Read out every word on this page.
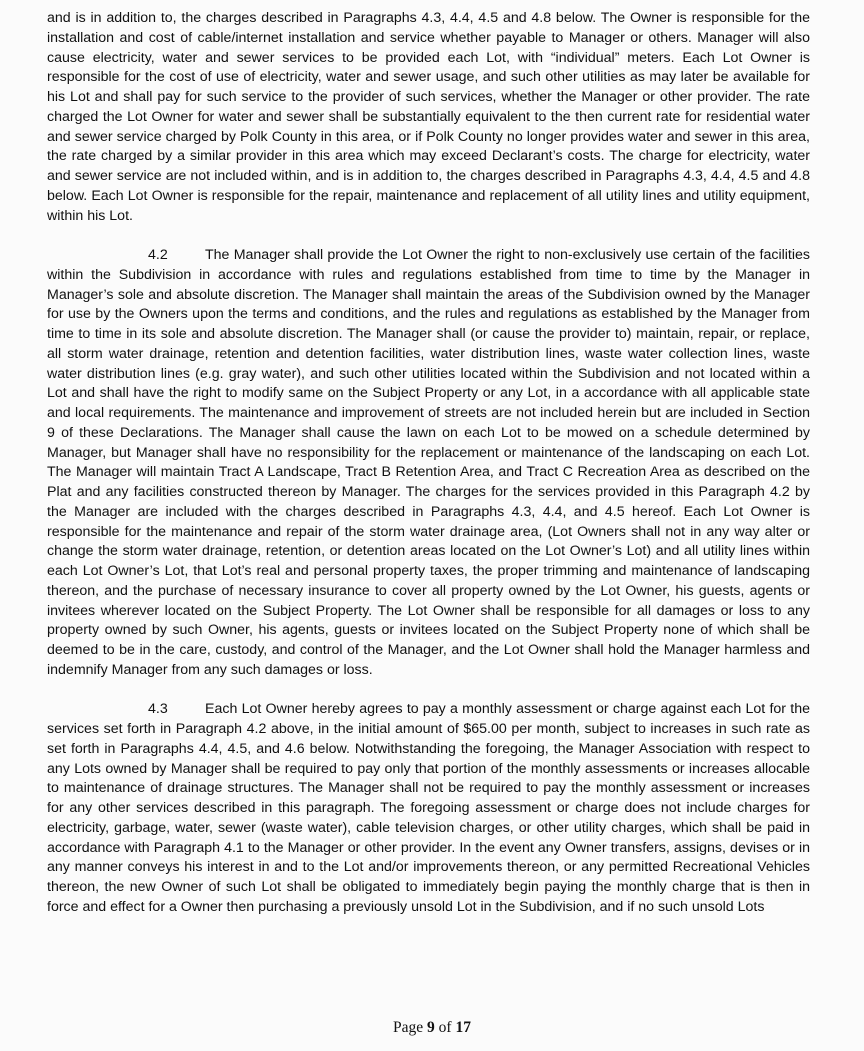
and is in addition to, the charges described in Paragraphs 4.3, 4.4, 4.5 and 4.8 below. The Owner is responsible for the installation and cost of cable/internet installation and service whether payable to Manager or others. Manager will also cause electricity, water and sewer services to be provided each Lot, with “individual” meters. Each Lot Owner is responsible for the cost of use of electricity, water and sewer usage, and such other utilities as may later be available for his Lot and shall pay for such service to the provider of such services, whether the Manager or other provider. The rate charged the Lot Owner for water and sewer shall be substantially equivalent to the then current rate for residential water and sewer service charged by Polk County in this area, or if Polk County no longer provides water and sewer in this area, the rate charged by a similar provider in this area which may exceed Declarant’s costs. The charge for electricity, water and sewer service are not included within, and is in addition to, the charges described in Paragraphs 4.3, 4.4, 4.5 and 4.8 below. Each Lot Owner is responsible for the repair, maintenance and replacement of all utility lines and utility equipment, within his Lot.

4.2	The Manager shall provide the Lot Owner the right to non-exclusively use certain of the facilities within the Subdivision in accordance with rules and regulations established from time to time by the Manager in Manager’s sole and absolute discretion. The Manager shall maintain the areas of the Subdivision owned by the Manager for use by the Owners upon the terms and conditions, and the rules and regulations as established by the Manager from time to time in its sole and absolute discretion. The Manager shall (or cause the provider to) maintain, repair, or replace, all storm water drainage, retention and detention facilities, water distribution lines, waste water collection lines, waste water distribution lines (e.g. gray water), and such other utilities located within the Subdivision and not located within a Lot and shall have the right to modify same on the Subject Property or any Lot, in a accordance with all applicable state and local requirements. The maintenance and improvement of streets are not included herein but are included in Section 9 of these Declarations. The Manager shall cause the lawn on each Lot to be mowed on a schedule determined by Manager, but Manager shall have no responsibility for the replacement or maintenance of the landscaping on each Lot. The Manager will maintain Tract A Landscape, Tract B Retention Area, and Tract C Recreation Area as described on the Plat and any facilities constructed thereon by Manager. The charges for the services provided in this Paragraph 4.2 by the Manager are included with the charges described in Paragraphs 4.3, 4.4, and 4.5 hereof. Each Lot Owner is responsible for the maintenance and repair of the storm water drainage area, (Lot Owners shall not in any way alter or change the storm water drainage, retention, or detention areas located on the Lot Owner’s Lot) and all utility lines within each Lot Owner’s Lot, that Lot’s real and personal property taxes, the proper trimming and maintenance of landscaping thereon, and the purchase of necessary insurance to cover all property owned by the Lot Owner, his guests, agents or invitees wherever located on the Subject Property. The Lot Owner shall be responsible for all damages or loss to any property owned by such Owner, his agents, guests or invitees located on the Subject Property none of which shall be deemed to be in the care, custody, and control of the Manager, and the Lot Owner shall hold the Manager harmless and indemnify Manager from any such damages or loss.

4.3	Each Lot Owner hereby agrees to pay a monthly assessment or charge against each Lot for the services set forth in Paragraph 4.2 above, in the initial amount of $65.00 per month, subject to increases in such rate as set forth in Paragraphs 4.4, 4.5, and 4.6 below. Notwithstanding the foregoing, the Manager Association with respect to any Lots owned by Manager shall be required to pay only that portion of the monthly assessments or increases allocable to maintenance of drainage structures. The Manager shall not be required to pay the monthly assessment or increases for any other services described in this paragraph. The foregoing assessment or charge does not include charges for electricity, garbage, water, sewer (waste water), cable television charges, or other utility charges, which shall be paid in accordance with Paragraph 4.1 to the Manager or other provider. In the event any Owner transfers, assigns, devises or in any manner conveys his interest in and to the Lot and/or improvements thereon, or any permitted Recreational Vehicles thereon, the new Owner of such Lot shall be obligated to immediately begin paying the monthly charge that is then in force and effect for a Owner then purchasing a previously unsold Lot in the Subdivision, and if no such unsold Lots

Page 9 of 17
